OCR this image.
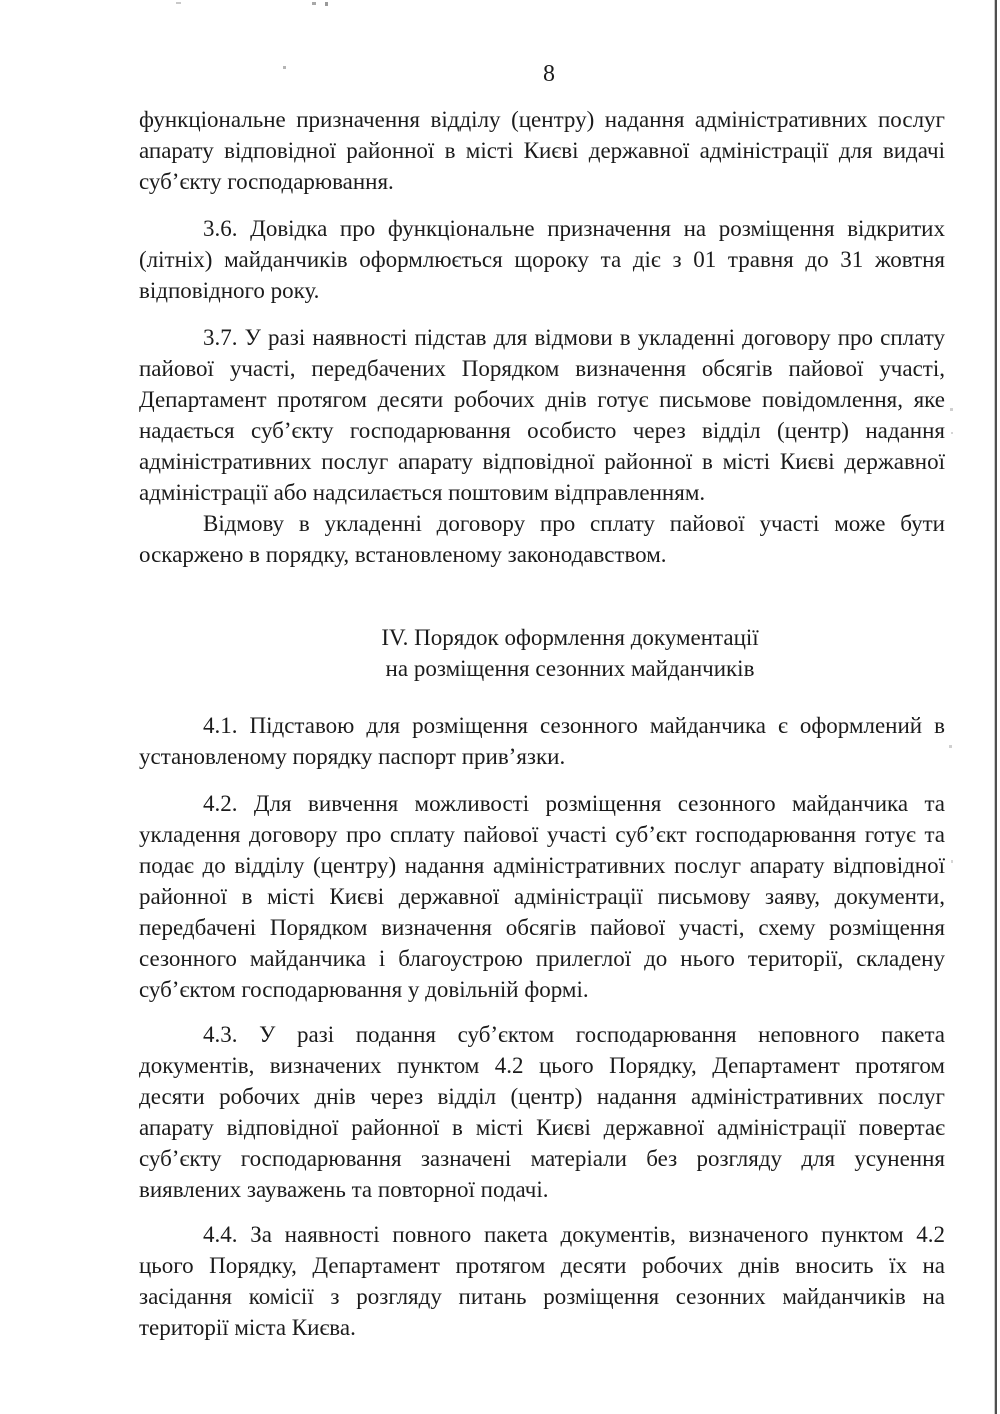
8
функціональне призначення відділу (центру) надання адміністративних послуг
апарату відповідної районної в місті Києві державної адміністрації для видачі
суб’єкту господарювання.
3.6. Довідка про функціональне призначення на розміщення відкритих
(літніх) майданчиків оформлюється щороку та діє з 01 травня до 31 жовтня
відповідного року.
3.7. У разі наявності підстав для відмови в укладенні договору про сплату
пайової участі, передбачених Порядком визначення обсягів пайової участі,
Департамент протягом десяти робочих днів готує письмове повідомлення, яке
надається суб’єкту господарювання особисто через відділ (центр) надання
адміністративних послуг апарату відповідної районної в місті Києві державної
адміністрації або надсилається поштовим відправленням.
Відмову в укладенні договору про сплату пайової участі може бути
оскаржено в порядку, встановленому законодавством.
IV. Порядок оформлення документації
на розміщення сезонних майданчиків
4.1. Підставою для розміщення сезонного майданчика є оформлений в
установленому порядку паспорт прив’язки.
4.2. Для вивчення можливості розміщення сезонного майданчика та
укладення договору про сплату пайової участі суб’єкт господарювання готує та
подає до відділу (центру) надання адміністративних послуг апарату відповідної
районної в місті Києві державної адміністрації письмову заяву, документи,
передбачені Порядком визначення обсягів пайової участі, схему розміщення
сезонного майданчика і благоустрою прилеглої до нього території, складену
суб’єктом господарювання у довільній формі.
4.3. У разі подання суб’єктом господарювання неповного пакета
документів, визначених пунктом 4.2 цього Порядку, Департамент протягом
десяти робочих днів через відділ (центр) надання адміністративних послуг
апарату відповідної районної в місті Києві державної адміністрації повертає
суб’єкту господарювання зазначені матеріали без розгляду для усунення
виявлених зауважень та повторної подачі.
4.4. За наявності повного пакета документів, визначеного пунктом 4.2
цього Порядку, Департамент протягом десяти робочих днів вносить їх на
засідання комісії з розгляду питань розміщення сезонних майданчиків на
території міста Києва.
